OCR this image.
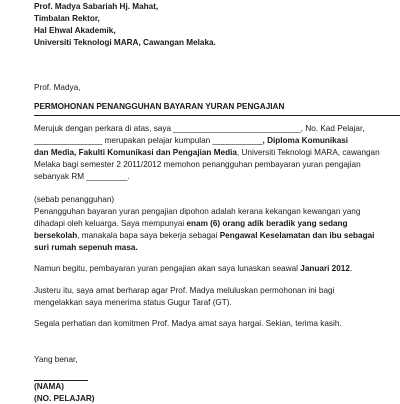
Prof. Madya Sabariah Hj. Mahat,
Timbalan Rektor,
Hal Ehwal Akademik,
Universiti Teknologi MARA, Cawangan Melaka.
Prof. Madya,
PERMOHONAN PENANGGUHAN BAYARAN YURAN PENGAJIAN
Merujuk dengan perkara di atas, saya ____________________________, No. Kad Pelajar,
_______________ merupakan pelajar kumpulan ___________, Diploma Komunikasi
dan Media, Fakulti Komunikasi dan Pengajian Media, Universiti Teknologi MARA, cawangan
Melaka bagi semester 2 2011/2012 memohon penangguhan pembayaran yuran pengajian
sebanyak RM _________.
(sebab penangguhan)
Penangguhan bayaran yuran pengajian dipohon adalah kerana kekangan kewangan yang
dihadapi oleh keluarga. Saya mempunyai enam (6) orang adik beradik yang sedang
bersekolah, manakala bapa saya bekerja sebagai Pengawal Keselamatan dan ibu sebagai
suri rumah sepenuh masa.
Namun begitu, pembayaran yuran pengajian akan saya lunaskan seawal Januari 2012.
Justeru itu, saya amat berharap agar Prof. Madya meluluskan permohonan ini bagi
mengelakkan saya menerima status Gugur Taraf (GT).
Segala perhatian dan komitmen Prof. Madya amat saya hargai. Sekian, terima kasih.
Yang benar,
(NAMA)
(NO. PELAJAR)
